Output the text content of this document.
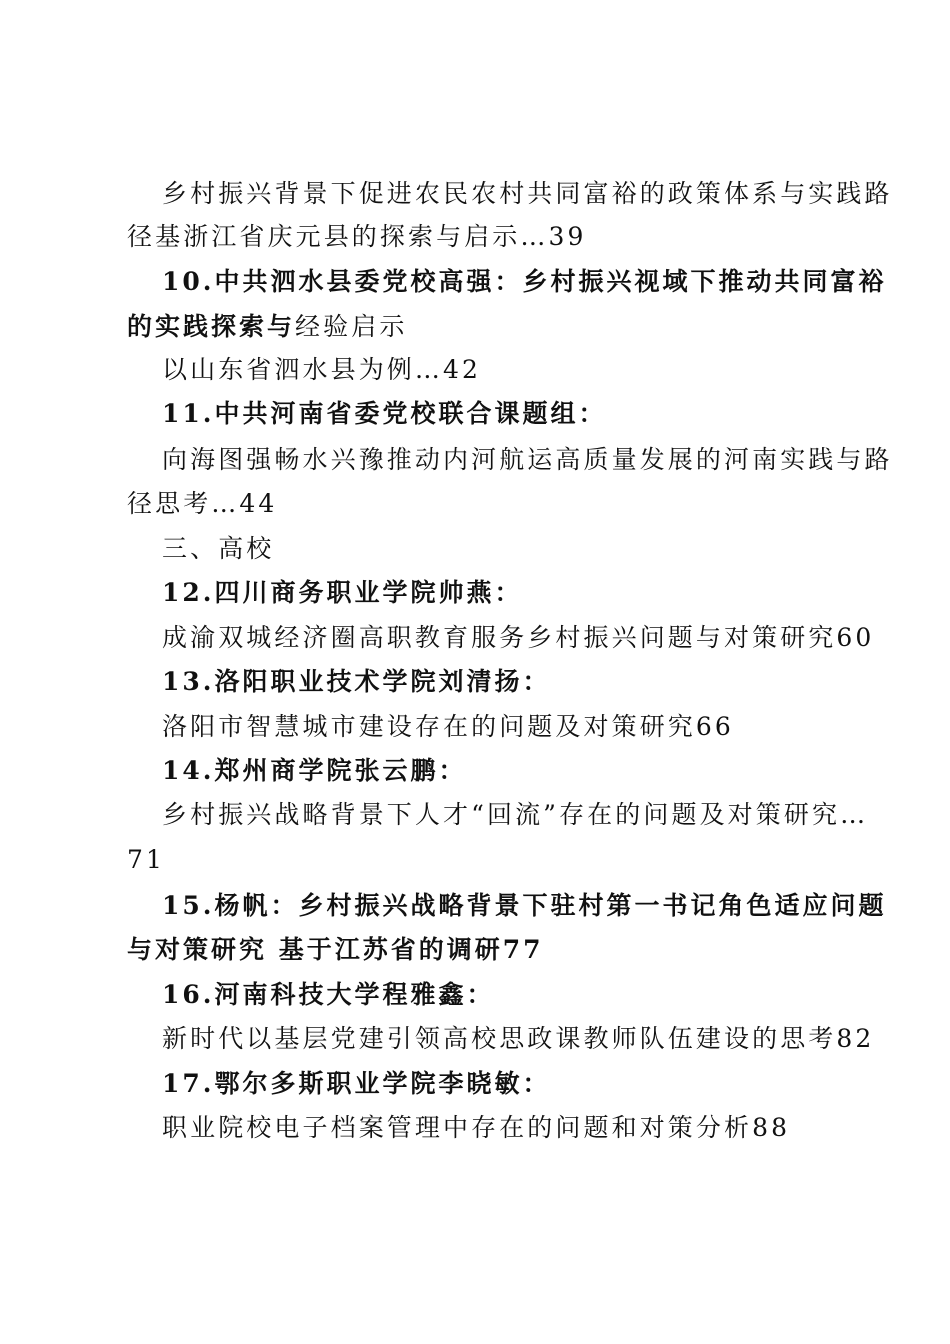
乡村振兴背景下促进农民农村共同富裕的政策体系与实践路
径基浙江省庆元县的探索与启示…39
10.中共泗水县委党校高强：乡村振兴视域下推动共同富裕
的实践探索与经验启示
以山东省泗水县为例…42
11.中共河南省委党校联合课题组：
向海图强畅水兴豫推动内河航运高质量发展的河南实践与路
径思考…44
三、高校
12.四川商务职业学院帅燕：
成渝双城经济圈高职教育服务乡村振兴问题与对策研究60
13.洛阳职业技术学院刘清扬：
洛阳市智慧城市建设存在的问题及对策研究66
14.郑州商学院张云鹏：
乡村振兴战略背景下人才“回流”存在的问题及对策研究…
71
15.杨帆：乡村振兴战略背景下驻村第一书记角色适应问题
与对策研究 基于江苏省的调研77
16.河南科技大学程雅鑫：
新时代以基层党建引领高校思政课教师队伍建设的思考82
17.鄂尔多斯职业学院李晓敏：
职业院校电子档案管理中存在的问题和对策分析88
